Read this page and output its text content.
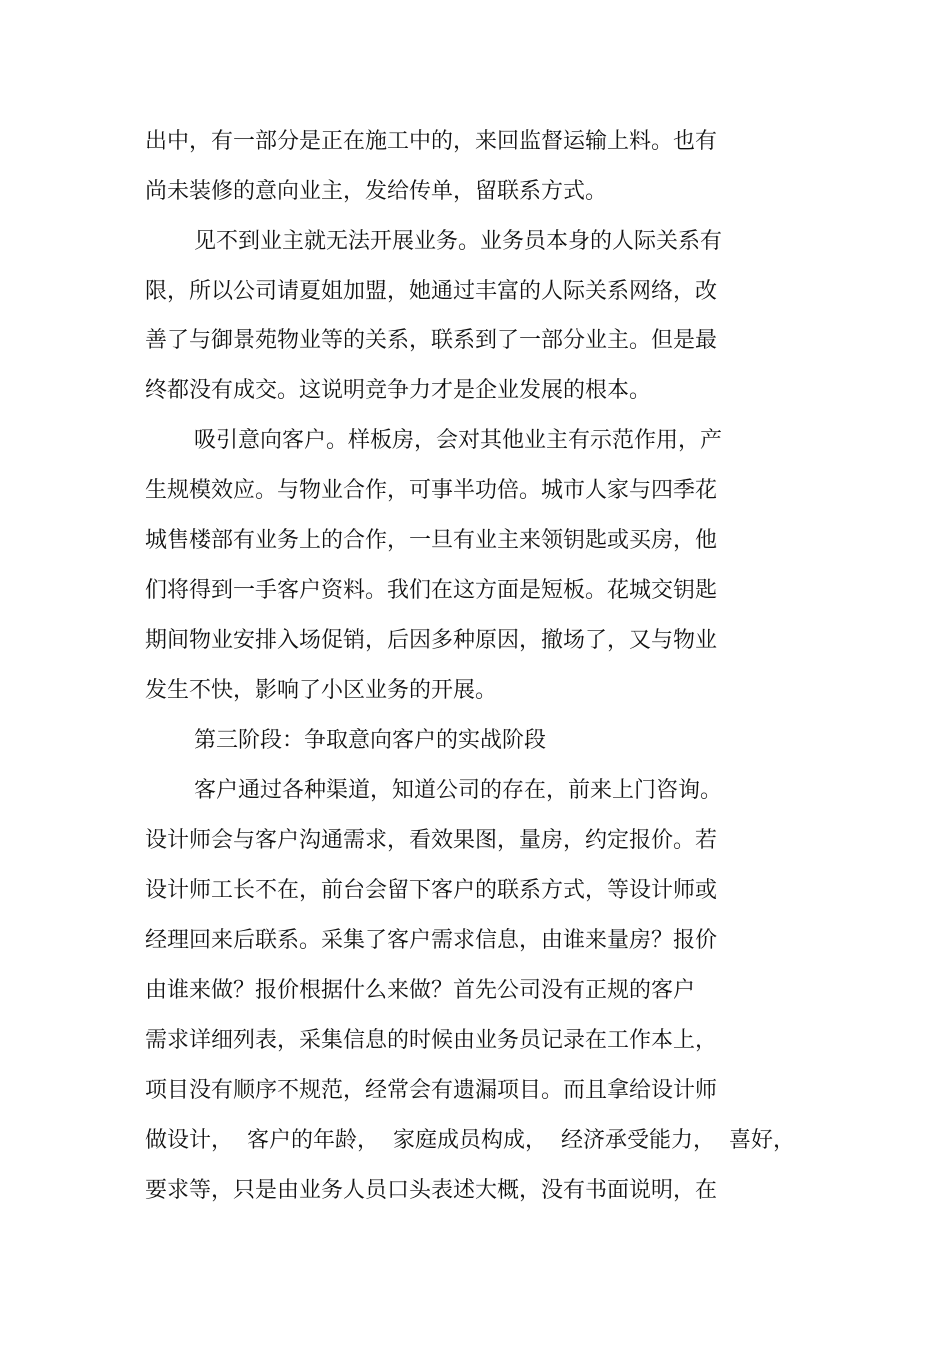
出中，有一部分是正在施工中的，来回监督运输上料。也有
尚未装修的意向业主，发给传单，留联系方式。
见不到业主就无法开展业务。业务员本身的人际关系有
限，所以公司请夏姐加盟，她通过丰富的人际关系网络，改
善了与御景苑物业等的关系，联系到了一部分业主。但是最
终都没有成交。这说明竞争力才是企业发展的根本。
吸引意向客户。样板房，会对其他业主有示范作用，产
生规模效应。与物业合作，可事半功倍。城市人家与四季花
城售楼部有业务上的合作，一旦有业主来领钥匙或买房，他
们将得到一手客户资料。我们在这方面是短板。花城交钥匙
期间物业安排入场促销，后因多种原因，撤场了，又与物业
发生不快，影响了小区业务的开展。
第三阶段：争取意向客户的实战阶段
客户通过各种渠道，知道公司的存在，前来上门咨询。
设计师会与客户沟通需求，看效果图，量房，约定报价。若
设计师工长不在，前台会留下客户的联系方式，等设计师或
经理回来后联系。采集了客户需求信息，由谁来量房？报价
由谁来做？报价根据什么来做？首先公司没有正规的客户
需求详细列表，采集信息的时候由业务员记录在工作本上，
项目没有顺序不规范，经常会有遗漏项目。而且拿给设计师
做设计，  客户的年龄，  家庭成员构成，  经济承受能力，  喜好，
要求等，只是由业务人员口头表述大概，没有书面说明，在
